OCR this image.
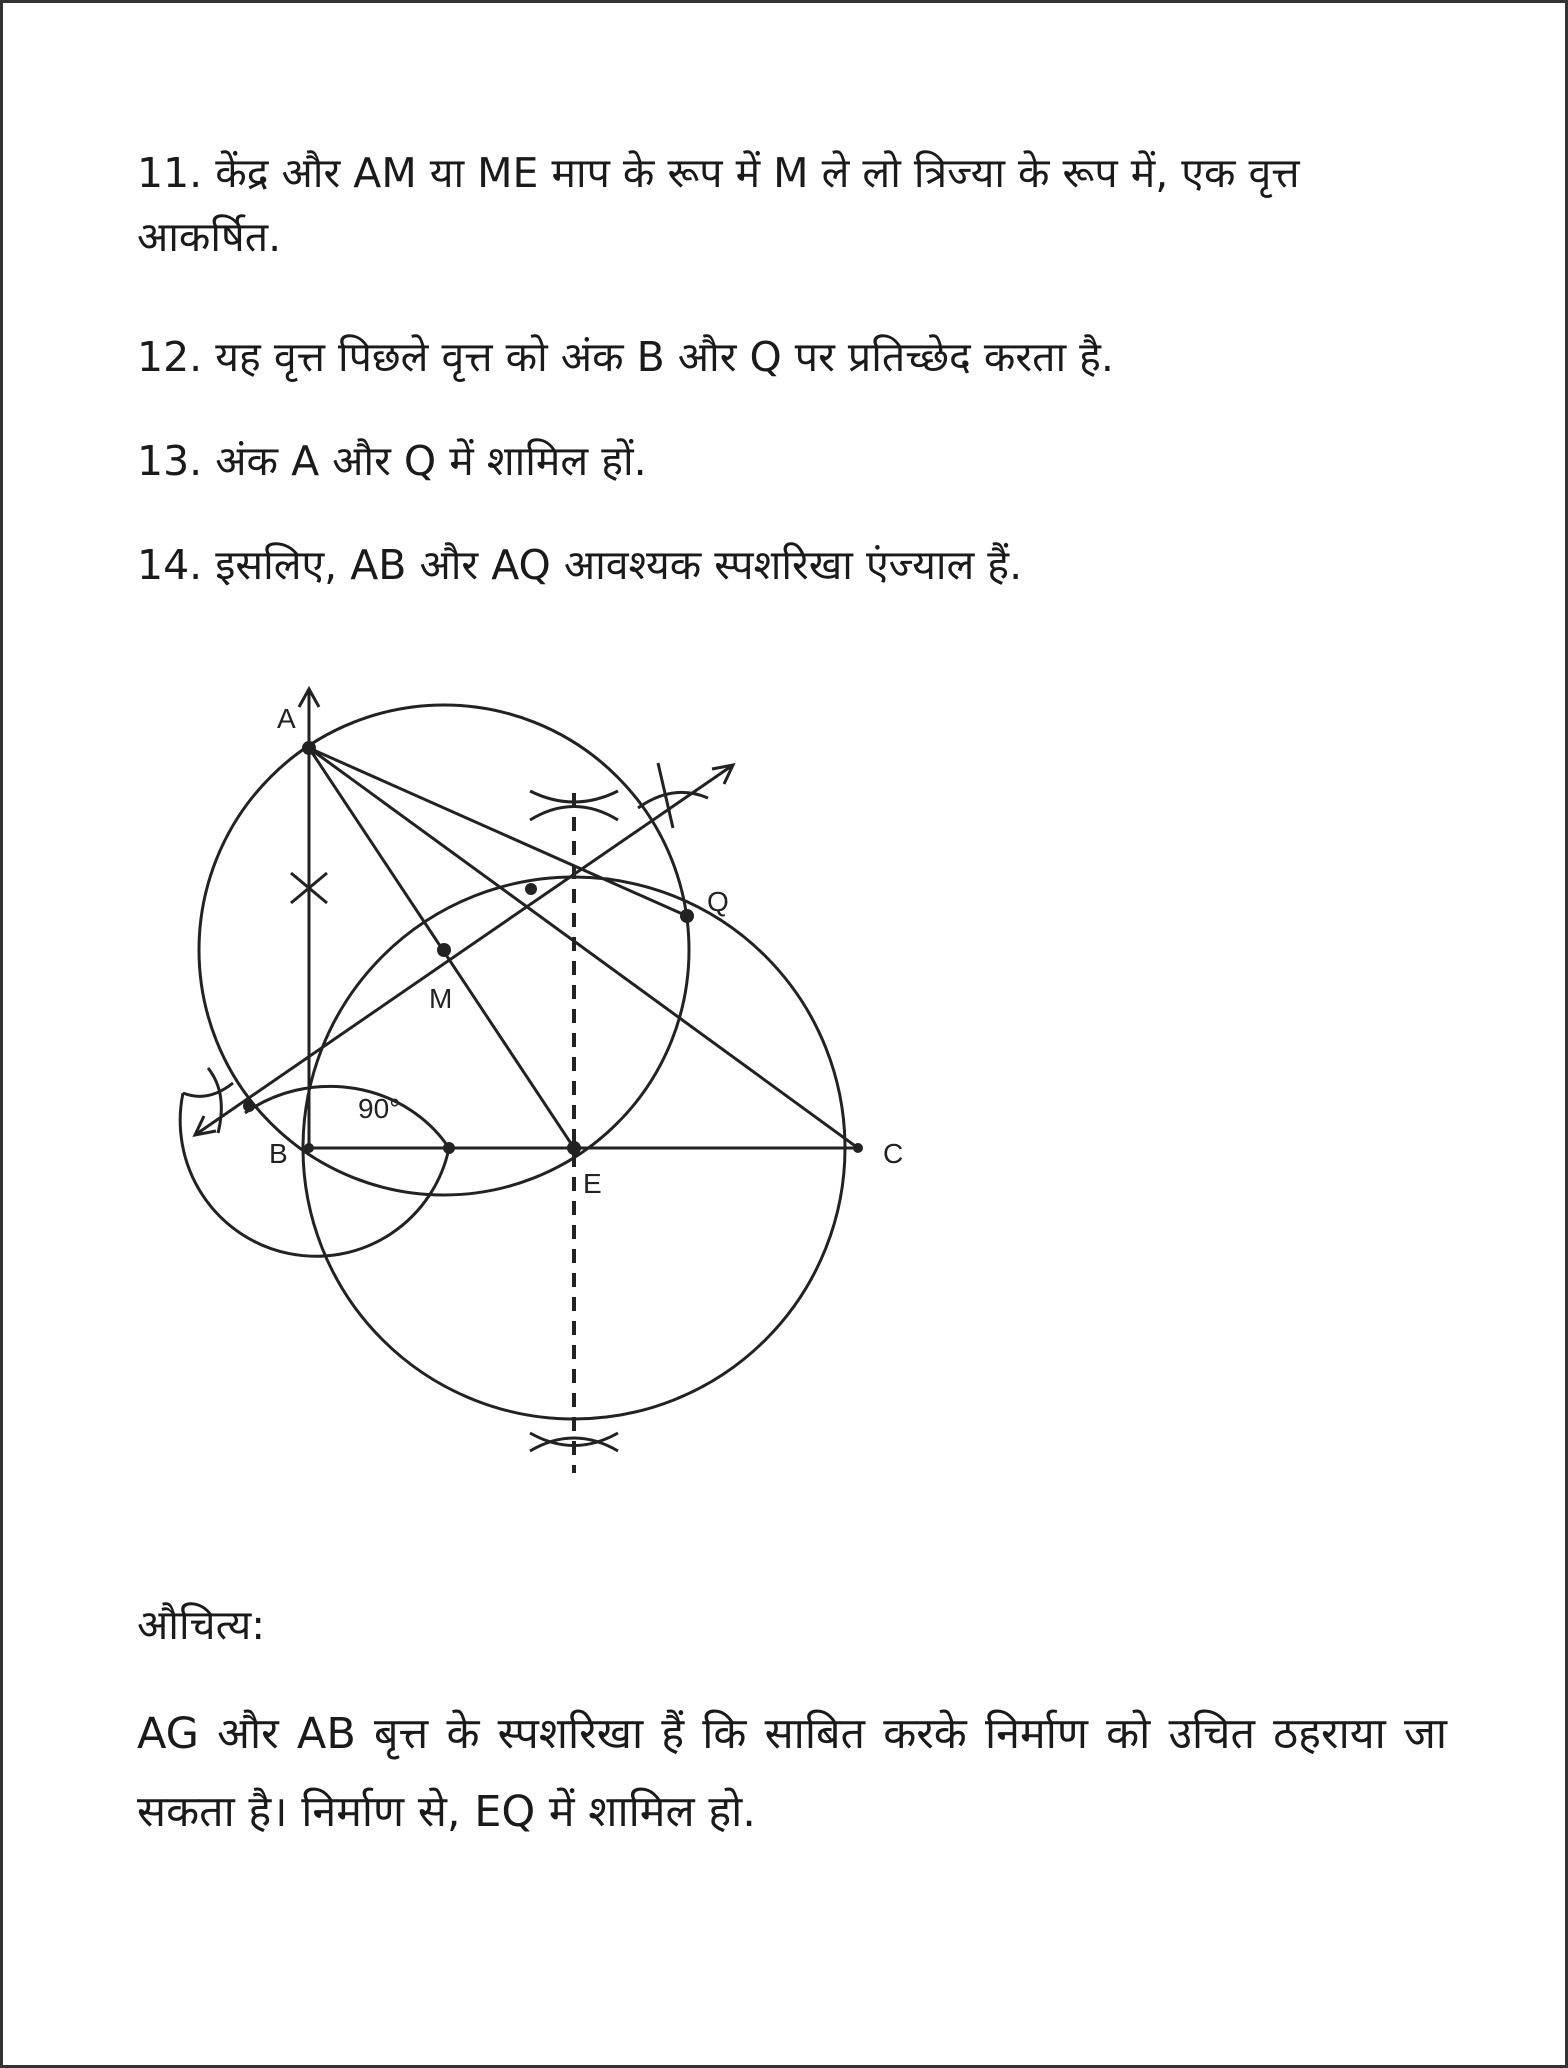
11. केंद्र और AM या ME माप के रूप में M ले लो त्रिज्या के रूप में, एक वृत्त आकर्षित.

12. यह वृत्त पिछले वृत्त को अंक B और Q पर प्रतिच्छेद करता है.

13. अंक A और Q में शामिल हों.

14. इसलिए, AB और AQ आवश्यक स्पशरिखा एंज्याल हैं.

A
Q
M
B
E
C
90°

औचित्य:

AG और AB बृत्त के स्पशरिखा हैं कि साबित करके निर्माण को उचित ठहराया जा सकता है। निर्माण से, EQ में शामिल हो.
